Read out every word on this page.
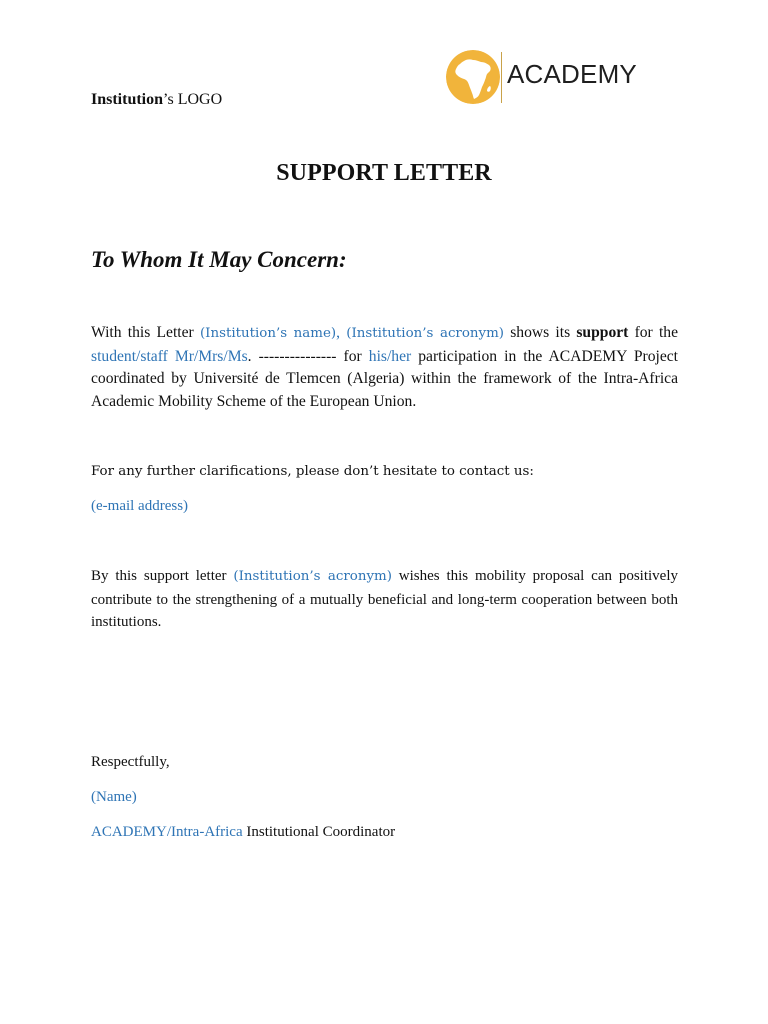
ACADEMY
Institution’s LOGO
SUPPORT LETTER
To Whom It May Concern:
With this Letter (Institution’s name), (Institution’s acronym) shows its support for the student/staff Mr/Mrs/Ms. --------------- for his/her participation in the ACADEMY Project coordinated by Université de Tlemcen (Algeria) within the framework of the Intra-Africa Academic Mobility Scheme of the European Union.
For any further clarifications, please don’t hesitate to contact us:
(e-mail address)
By this support letter (Institution’s acronym) wishes this mobility proposal can positively contribute to the strengthening of a mutually beneficial and long-term cooperation between both institutions.
Respectfully,
(Name)
ACADEMY/Intra-Africa Institutional Coordinator
